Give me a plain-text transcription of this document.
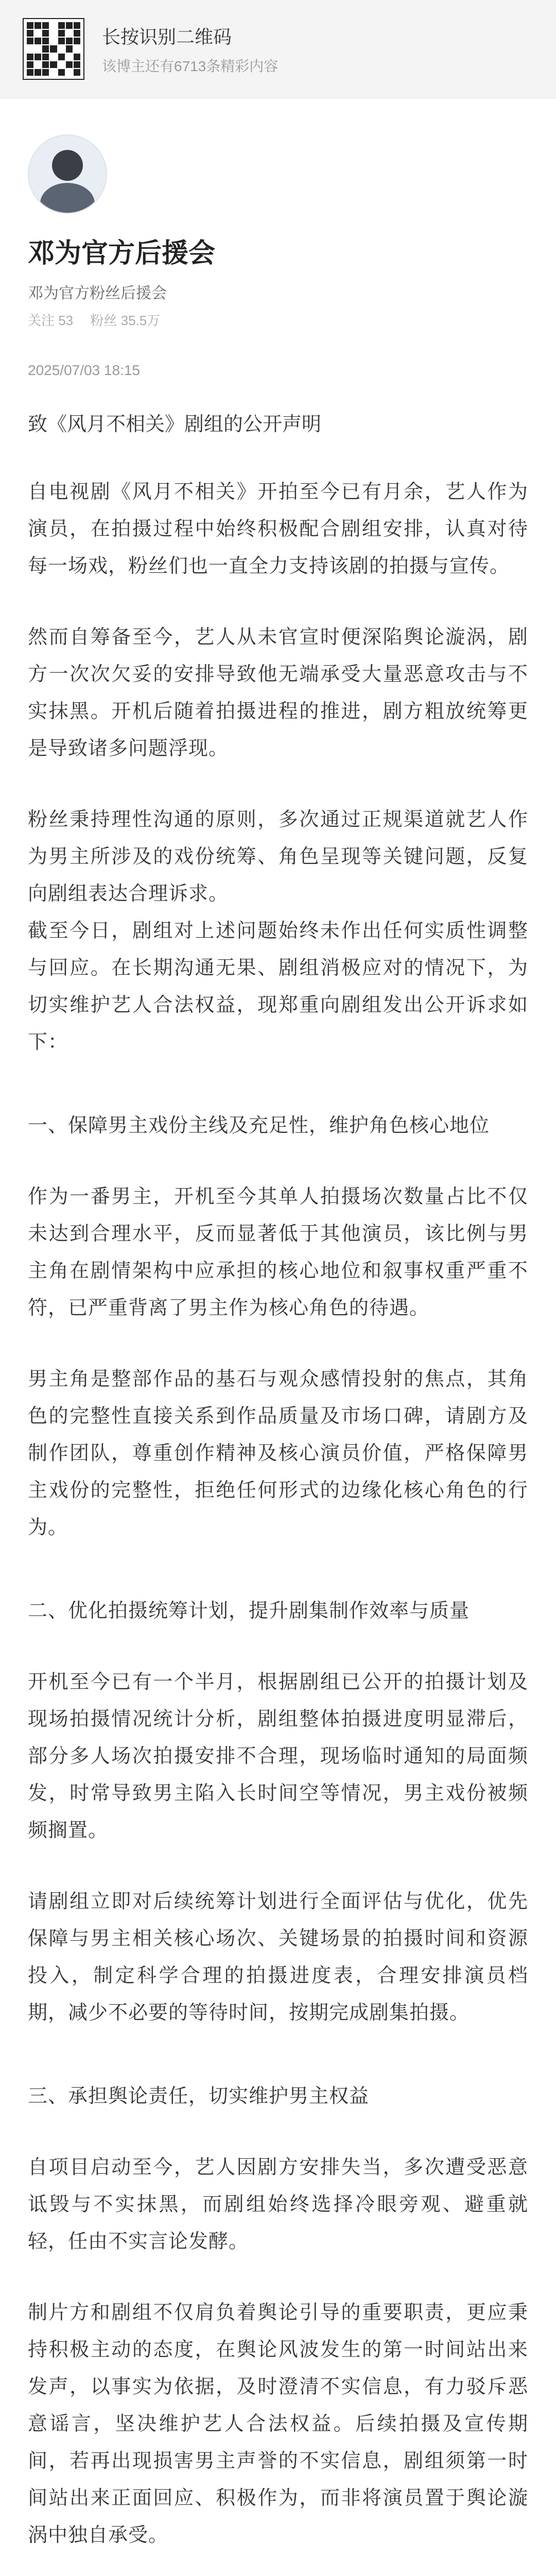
长按识别二维码
该博主还有6713条精彩内容
邓为官方后援会
邓为官方粉丝后援会
关注 53 粉丝 35.5万
2025/07/03 18:15
致《风月不相关》剧组的公开声明

自电视剧《风月不相关》开拍至今已有月余，艺人作为演员，在拍摄过程中始终积极配合剧组安排，认真对待每一场戏，粉丝们也一直全力支持该剧的拍摄与宣传。

然而自筹备至今，艺人从未官宣时便深陷舆论漩涡，剧方一次次欠妥的安排导致他无端承受大量恶意攻击与不实抹黑。开机后随着拍摄进程的推进，剧方粗放统筹更是导致诸多问题浮现。

粉丝秉持理性沟通的原则，多次通过正规渠道就艺人作为男主所涉及的戏份统筹、角色呈现等关键问题，反复向剧组表达合理诉求。

截至今日，剧组对上述问题始终未作出任何实质性调整与回应。在长期沟通无果、剧组消极应对的情况下，为切实维护艺人合法权益，现郑重向剧组发出公开诉求如下：

一、保障男主戏份主线及充足性，维护角色核心地位

作为一番男主，开机至今其单人拍摄场次数量占比不仅未达到合理水平，反而显著低于其他演员，该比例与男主角在剧情架构中应承担的核心地位和叙事权重严重不符，已严重背离了男主作为核心角色的待遇。

男主角是整部作品的基石与观众感情投射的焦点，其角色的完整性直接关系到作品质量及市场口碑，请剧方及制作团队，尊重创作精神及核心演员价值，严格保障男主戏份的完整性，拒绝任何形式的边缘化核心角色的行为。

二、优化拍摄统筹计划，提升剧集制作效率与质量

开机至今已有一个半月，根据剧组已公开的拍摄计划及现场拍摄情况统计分析，剧组整体拍摄进度明显滞后，部分多人场次拍摄安排不合理，现场临时通知的局面频发，时常导致男主陷入长时间空等情况，男主戏份被频频搁置。

请剧组立即对后续统筹计划进行全面评估与优化，优先保障与男主相关核心场次、关键场景的拍摄时间和资源投入，制定科学合理的拍摄进度表，合理安排演员档期，减少不必要的等待时间，按期完成剧集拍摄。

三、承担舆论责任，切实维护男主权益

自项目启动至今，艺人因剧方安排失当，多次遭受恶意诋毁与不实抹黑，而剧组始终选择冷眼旁观、避重就轻，任由不实言论发酵。

制片方和剧组不仅肩负着舆论引导的重要职责，更应秉持积极主动的态度，在舆论风波发生的第一时间站出来发声，以事实为依据，及时澄清不实信息，有力驳斥恶意谣言，坚决维护艺人合法权益。后续拍摄及宣传期间，若再出现损害男主声誉的不实信息，剧组须第一时间站出来正面回应、积极作为，而非将演员置于舆论漩涡中独自承受。
